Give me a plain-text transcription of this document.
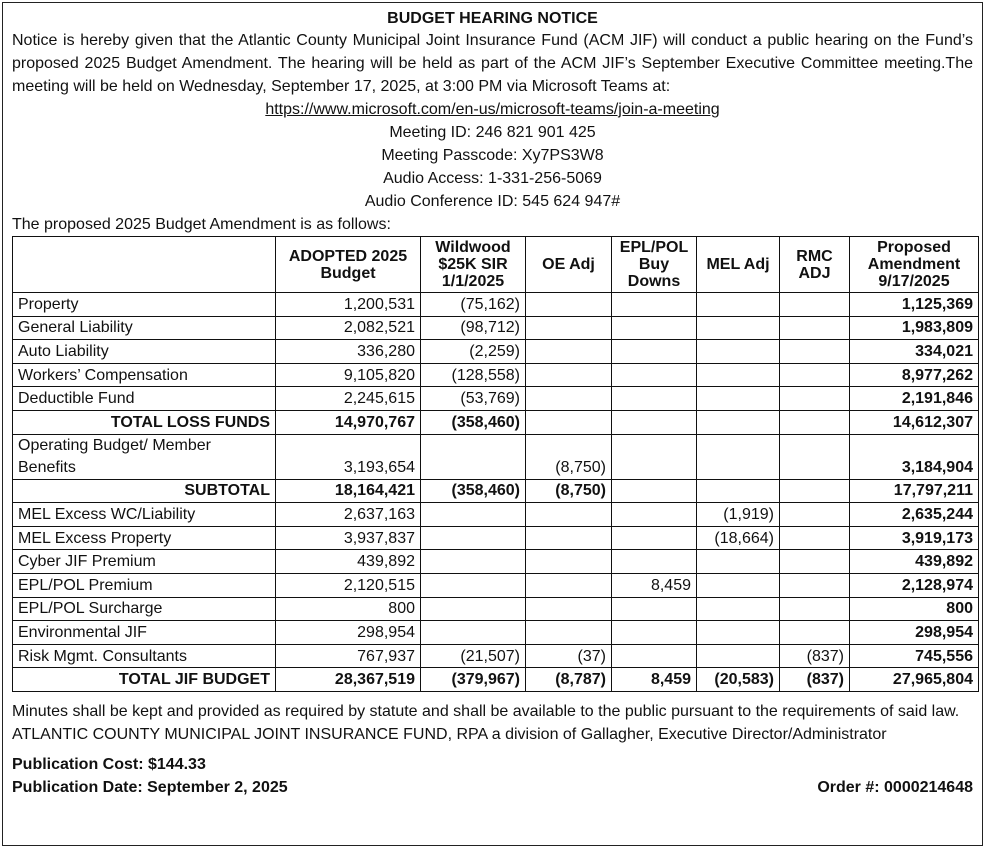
BUDGET HEARING NOTICE
Notice is hereby given that the Atlantic County Municipal Joint Insurance Fund (ACM JIF) will conduct a public hearing on the Fund’s proposed 2025 Budget Amendment. The hearing will be held as part of the ACM JIF’s September Executive Committee meeting.The meeting will be held on Wednesday, September 17, 2025, at 3:00 PM via Microsoft Teams at:
https://www.microsoft.com/en-us/microsoft-teams/join-a-meeting
Meeting ID: 246 821 901 425
Meeting Passcode: Xy7PS3W8
Audio Access: 1-331-256-5069
Audio Conference ID: 545 624 947#
The proposed 2025 Budget Amendment is as follows:
	ADOPTED 2025 Budget	Wildwood $25K SIR 1/1/2025	OE Adj	EPL/POL Buy Downs	MEL Adj	RMC ADJ	Proposed Amendment 9/17/2025
Property	1,200,531	(75,162)					1,125,369
General Liability	2,082,521	(98,712)					1,983,809
Auto Liability	336,280	(2,259)					334,021
Workers’ Compensation	9,105,820	(128,558)					8,977,262
Deductible Fund	2,245,615	(53,769)					2,191,846
TOTAL LOSS FUNDS	14,970,767	(358,460)					14,612,307
Operating Budget/ Member Benefits	3,193,654		(8,750)				3,184,904
SUBTOTAL	18,164,421	(358,460)	(8,750)				17,797,211
MEL Excess WC/Liability	2,637,163				(1,919)		2,635,244
MEL Excess Property	3,937,837				(18,664)		3,919,173
Cyber JIF Premium	439,892						439,892
EPL/POL Premium	2,120,515			8,459			2,128,974
EPL/POL Surcharge	800						800
Environmental JIF	298,954						298,954
Risk Mgmt. Consultants	767,937	(21,507)	(37)			(837)	745,556
TOTAL JIF BUDGET	28,367,519	(379,967)	(8,787)	8,459	(20,583)	(837)	27,965,804
Minutes shall be kept and provided as required by statute and shall be available to the public pursuant to the requirements of said law. ATLANTIC COUNTY MUNICIPAL JOINT INSURANCE FUND, RPA a division of Gallagher, Executive Director/Administrator
Publication Cost: $144.33
Publication Date: September 2, 2025	Order #: 0000214648
